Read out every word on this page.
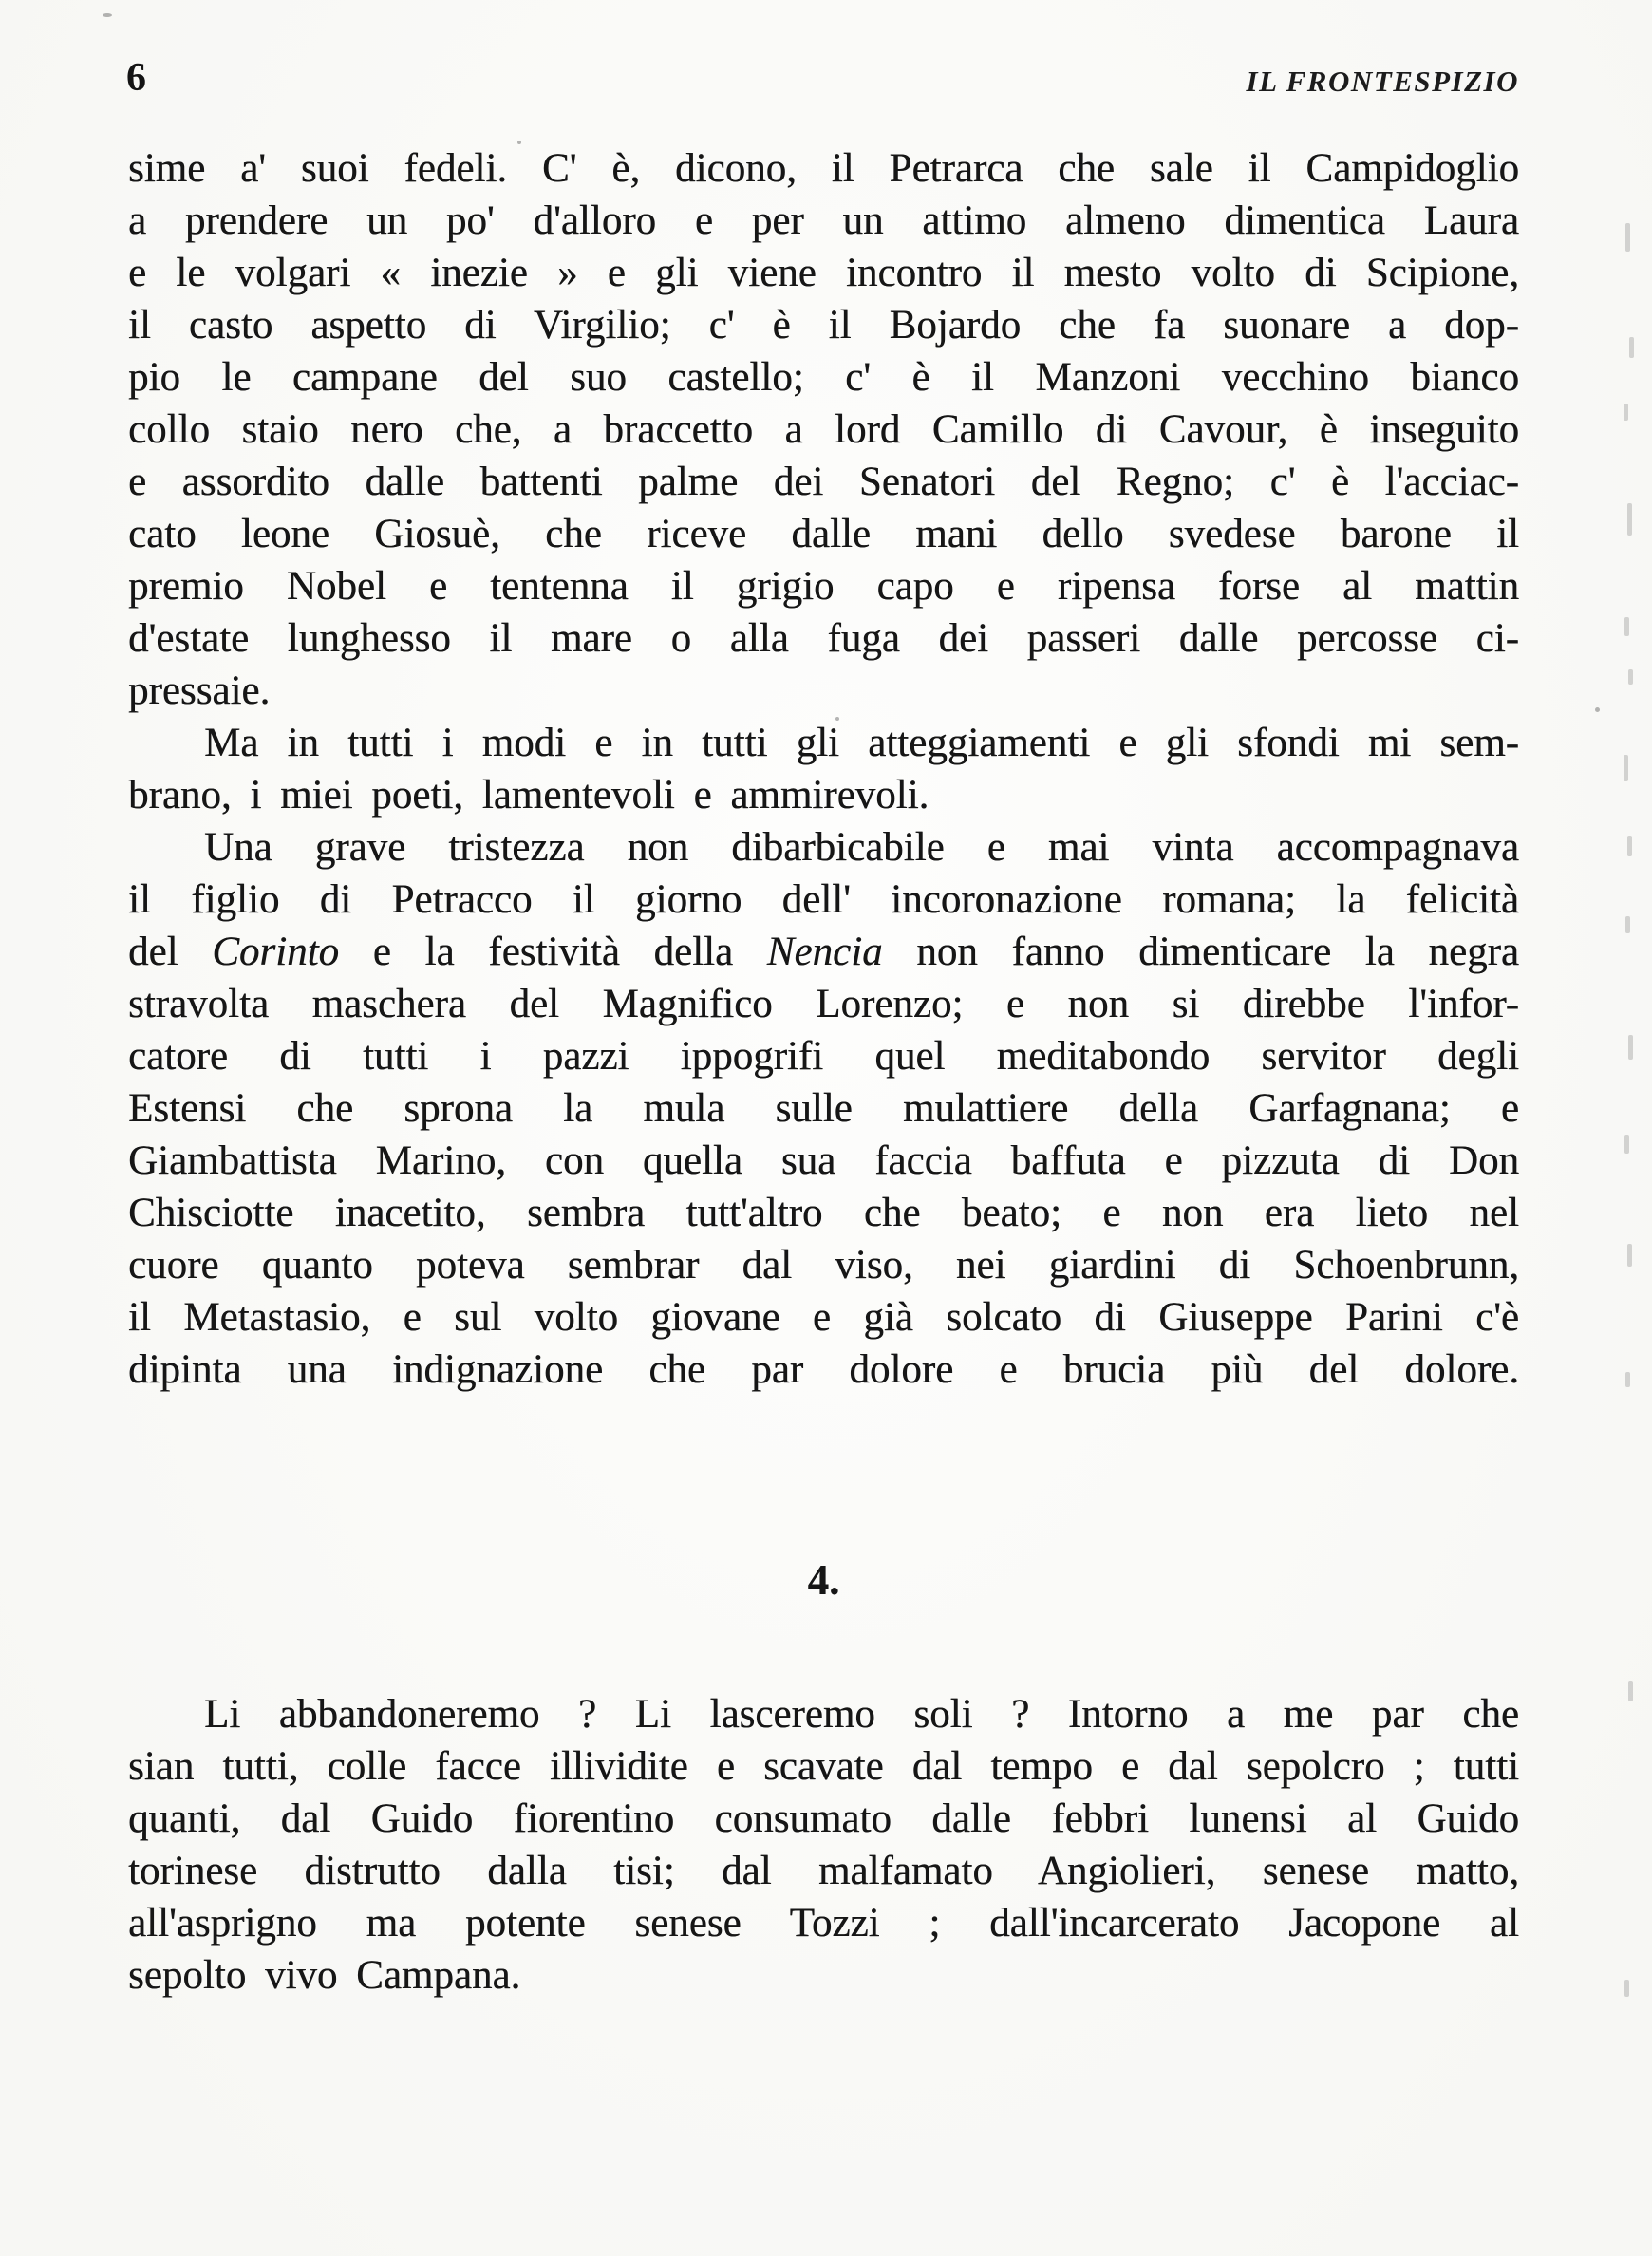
6	IL FRONTESPIZIO
sime a' suoi fedeli. C' è, dicono, il Petrarca che sale il Campidoglio
a prendere un po' d'alloro e per un attimo almeno dimentica Laura
e le volgari « inezie » e gli viene incontro il mesto volto di Scipione,
il casto aspetto di Virgilio; c' è il Bojardo che fa suonare a dop-
pio le campane del suo castello; c' è il Manzoni vecchino bianco
collo staio nero che, a braccetto a lord Camillo di Cavour, è inseguito
e assordito dalle battenti palme dei Senatori del Regno; c' è l'acciac-
cato leone Giosuè, che riceve dalle mani dello svedese barone il
premio Nobel e tentenna il grigio capo e ripensa forse al mattin
d'estate lunghesso il mare o alla fuga dei passeri dalle percosse ci-
pressaie.
Ma in tutti i modi e in tutti gli atteggiamenti e gli sfondi mi sem-
brano, i miei poeti, lamentevoli e ammirevoli.
Una grave tristezza non dibarbicabile e mai vinta accompagnava
il figlio di Petracco il giorno dell' incoronazione romana; la felicità
del Corinto e la festività della Nencia non fanno dimenticare la negra
stravolta maschera del Magnifico Lorenzo; e non si direbbe l'infor-
catore di tutti i pazzi ippogrifi quel meditabondo servitor degli
Estensi che sprona la mula sulle mulattiere della Garfagnana; e
Giambattista Marino, con quella sua faccia baffuta e pizzuta di Don
Chisciotte inacetito, sembra tutt'altro che beato; e non era lieto nel
cuore quanto poteva sembrar dal viso, nei giardini di Schoenbrunn,
il Metastasio, e sul volto giovane e già solcato di Giuseppe Parini c'è
dipinta una indignazione che par dolore e brucia più del dolore.
4.
Li abbandoneremo ? Li lasceremo soli ? Intorno a me par che
sian tutti, colle facce illividite e scavate dal tempo e dal sepolcro ; tutti
quanti, dal Guido fiorentino consumato dalle febbri lunensi al Guido
torinese distrutto dalla tisi; dal malfamato Angiolieri, senese matto,
all'asprigno ma potente senese Tozzi ; dall'incarcerato Jacopone al
sepolto vivo Campana.
